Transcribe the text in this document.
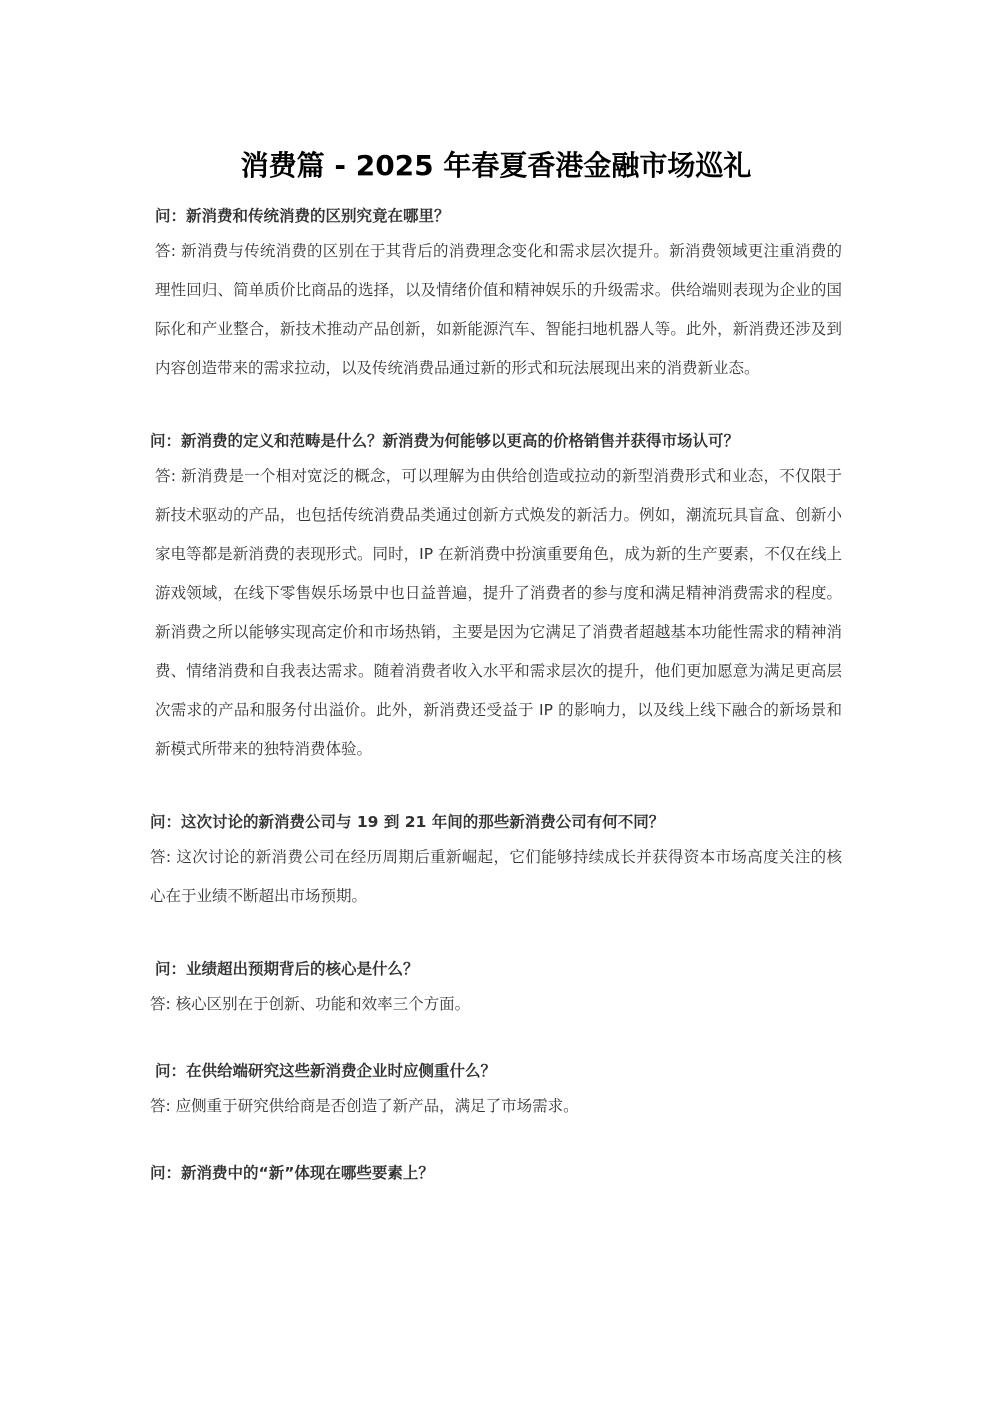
消费篇 - 2025 年春夏香港金融市场巡礼

问：新消费和传统消费的区别究竟在哪里？

答: 新消费与传统消费的区别在于其背后的消费理念变化和需求层次提升。新消费领域更注重消费的理性回归、简单质价比商品的选择，以及情绪价值和精神娱乐的升级需求。供给端则表现为企业的国际化和产业整合，新技术推动产品创新，如新能源汽车、智能扫地机器人等。此外，新消费还涉及到内容创造带来的需求拉动，以及传统消费品通过新的形式和玩法展现出来的消费新业态。

问：新消费的定义和范畴是什么？新消费为何能够以更高的价格销售并获得市场认可？

答: 新消费是一个相对宽泛的概念，可以理解为由供给创造或拉动的新型消费形式和业态，不仅限于新技术驱动的产品，也包括传统消费品类通过创新方式焕发的新活力。例如，潮流玩具盲盒、创新小家电等都是新消费的表现形式。同时，IP 在新消费中扮演重要角色，成为新的生产要素，不仅在线上游戏领域，在线下零售娱乐场景中也日益普遍，提升了消费者的参与度和满足精神消费需求的程度。新消费之所以能够实现高定价和市场热销，主要是因为它满足了消费者超越基本功能性需求的精神消费、情绪消费和自我表达需求。随着消费者收入水平和需求层次的提升，他们更加愿意为满足更高层次需求的产品和服务付出溢价。此外，新消费还受益于 IP 的影响力，以及线上线下融合的新场景和新模式所带来的独特消费体验。

问：这次讨论的新消费公司与 19 到 21 年间的那些新消费公司有何不同？

答: 这次讨论的新消费公司在经历周期后重新崛起，它们能够持续成长并获得资本市场高度关注的核心在于业绩不断超出市场预期。

问：业绩超出预期背后的核心是什么？

答: 核心区别在于创新、功能和效率三个方面。

问：在供给端研究这些新消费企业时应侧重什么？

答: 应侧重于研究供给商是否创造了新产品，满足了市场需求。

问：新消费中的“新”体现在哪些要素上？
